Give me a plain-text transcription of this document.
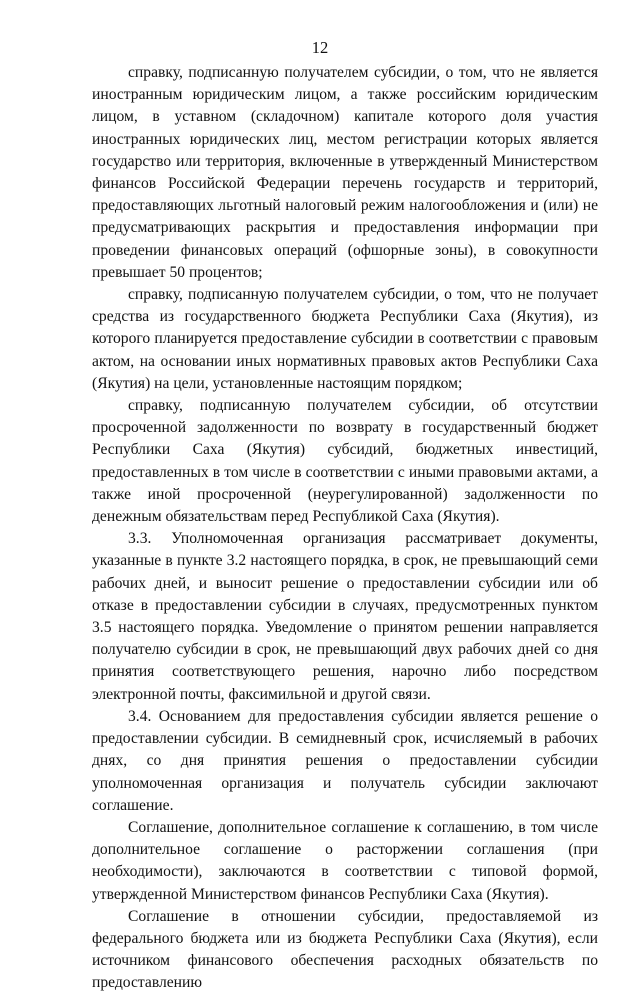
12

справку, подписанную получателем субсидии, о том, что не является иностранным юридическим лицом, а также российским юридическим лицом, в уставном (складочном) капитале которого доля участия иностранных юридических лиц, местом регистрации которых является государство или территория, включенные в утвержденный Министерством финансов Российской Федерации перечень государств и территорий, предоставляющих льготный налоговый режим налогообложения и (или) не предусматривающих раскрытия и предоставления информации при проведении финансовых операций (офшорные зоны), в совокупности превышает 50 процентов;

справку, подписанную получателем субсидии, о том, что не получает средства из государственного бюджета Республики Саха (Якутия), из которого планируется предоставление субсидии в соответствии с правовым актом, на основании иных нормативных правовых актов Республики Саха (Якутия) на цели, установленные настоящим порядком;

справку, подписанную получателем субсидии, об отсутствии просроченной задолженности по возврату в государственный бюджет Республики Саха (Якутия) субсидий, бюджетных инвестиций, предоставленных в том числе в соответствии с иными правовыми актами, а также иной просроченной (неурегулированной) задолженности по денежным обязательствам перед Республикой Саха (Якутия).

3.3. Уполномоченная организация рассматривает документы, указанные в пункте 3.2 настоящего порядка, в срок, не превышающий семи рабочих дней, и выносит решение о предоставлении субсидии или об отказе в предоставлении субсидии в случаях, предусмотренных пунктом 3.5 настоящего порядка. Уведомление о принятом решении направляется получателю субсидии в срок, не превышающий двух рабочих дней со дня принятия соответствующего решения, нарочно либо посредством электронной почты, факсимильной и другой связи.

3.4. Основанием для предоставления субсидии является решение о предоставлении субсидии. В семидневный срок, исчисляемый в рабочих днях, со дня принятия решения о предоставлении субсидии уполномоченная организация и получатель субсидии заключают соглашение.

Соглашение, дополнительное соглашение к соглашению, в том числе дополнительное соглашение о расторжении соглашения (при необходимости), заключаются в соответствии с типовой формой, утвержденной Министерством финансов Республики Саха (Якутия).

Соглашение в отношении субсидии, предоставляемой из федерального бюджета или из бюджета Республики Саха (Якутия), если источником финансового обеспечения расходных обязательств по предоставлению
